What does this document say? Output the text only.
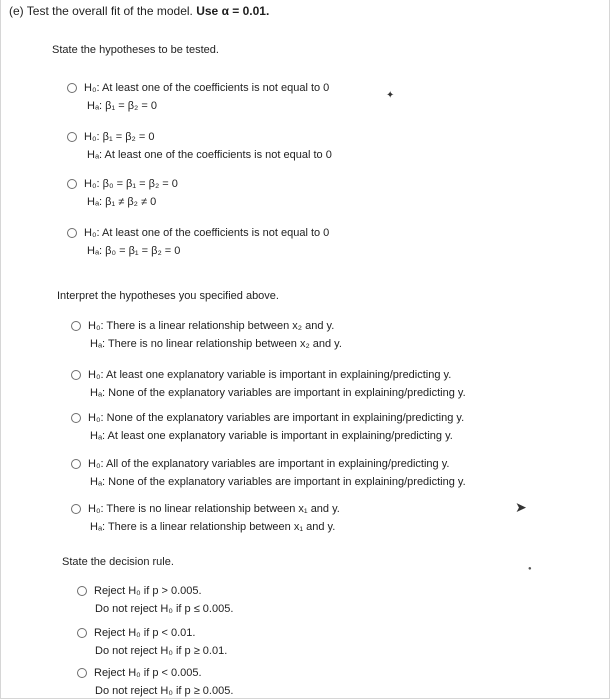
(e) Test the overall fit of the model. Use α = 0.01.
State the hypotheses to be tested.
H₀: At least one of the coefficients is not equal to 0
Hₐ: β₁ = β₂ = 0
H₀: β₁ = β₂ = 0
Hₐ: At least one of the coefficients is not equal to 0
H₀: β₀ = β₁ = β₂ = 0
Hₐ: β₁ ≠ β₂ ≠ 0
H₀: At least one of the coefficients is not equal to 0
Hₐ: β₀ = β₁ = β₂ = 0
✦
Interpret the hypotheses you specified above.
H₀: There is a linear relationship between x₂ and y.
Hₐ: There is no linear relationship between x₂ and y.
H₀: At least one explanatory variable is important in explaining/predicting y.
Hₐ: None of the explanatory variables are important in explaining/predicting y.
H₀: None of the explanatory variables are important in explaining/predicting y.
Hₐ: At least one explanatory variable is important in explaining/predicting y.
H₀: All of the explanatory variables are important in explaining/predicting y.
Hₐ: None of the explanatory variables are important in explaining/predicting y.
H₀: There is no linear relationship between x₁ and y.
Hₐ: There is a linear relationship between x₁ and y.
➤
●
State the decision rule.
Reject H₀ if p > 0.005.
Do not reject H₀ if p ≤ 0.005.
Reject H₀ if p < 0.01.
Do not reject H₀ if p ≥ 0.01.
Reject H₀ if p < 0.005.
Do not reject H₀ if p ≥ 0.005.
